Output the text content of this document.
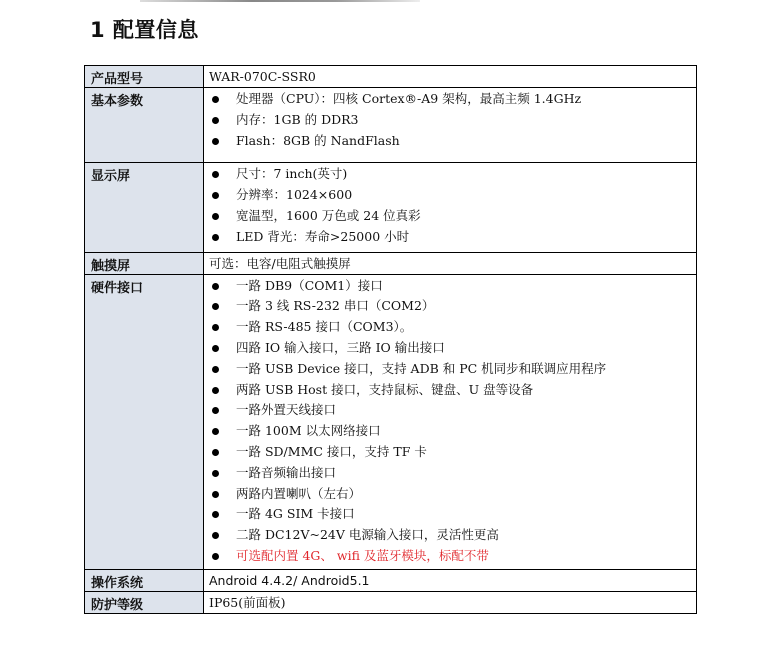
1 配置信息
产品型号	WAR-070C-SSR0
基本参数	处理器（CPU）：四核 Cortex®-A9 架构，最高主频 1.4GHz
内存：1GB 的 DDR3
Flash：8GB 的 NandFlash

显示屏	尺寸：7 inch(英寸)
分辨率：1024×600
宽温型，1600 万色或 24 位真彩
LED 背光：寿命>25000 小时

触摸屏	可选：电容/电阻式触摸屏
硬件接口	一路 DB9（COM1）接口
一路 3 线 RS-232 串口（COM2）
一路 RS-485 接口（COM3）。
四路 IO 输入接口，三路 IO 输出接口
一路 USB Device 接口，支持 ADB 和 PC 机同步和联调应用程序
两路 USB Host 接口，支持鼠标、键盘、U 盘等设备
一路外置天线接口
一路 100M 以太网络接口
一路 SD/MMC 接口，支持 TF 卡
一路音频输出接口
两路内置喇叭（左右）
一路 4G SIM 卡接口
二路 DC12V~24V 电源输入接口，灵活性更高
可选配内置 4G、 wifi 及蓝牙模块，标配不带

操作系统	Android 4.4.2/ Android5.1
防护等级	IP65(前面板)
